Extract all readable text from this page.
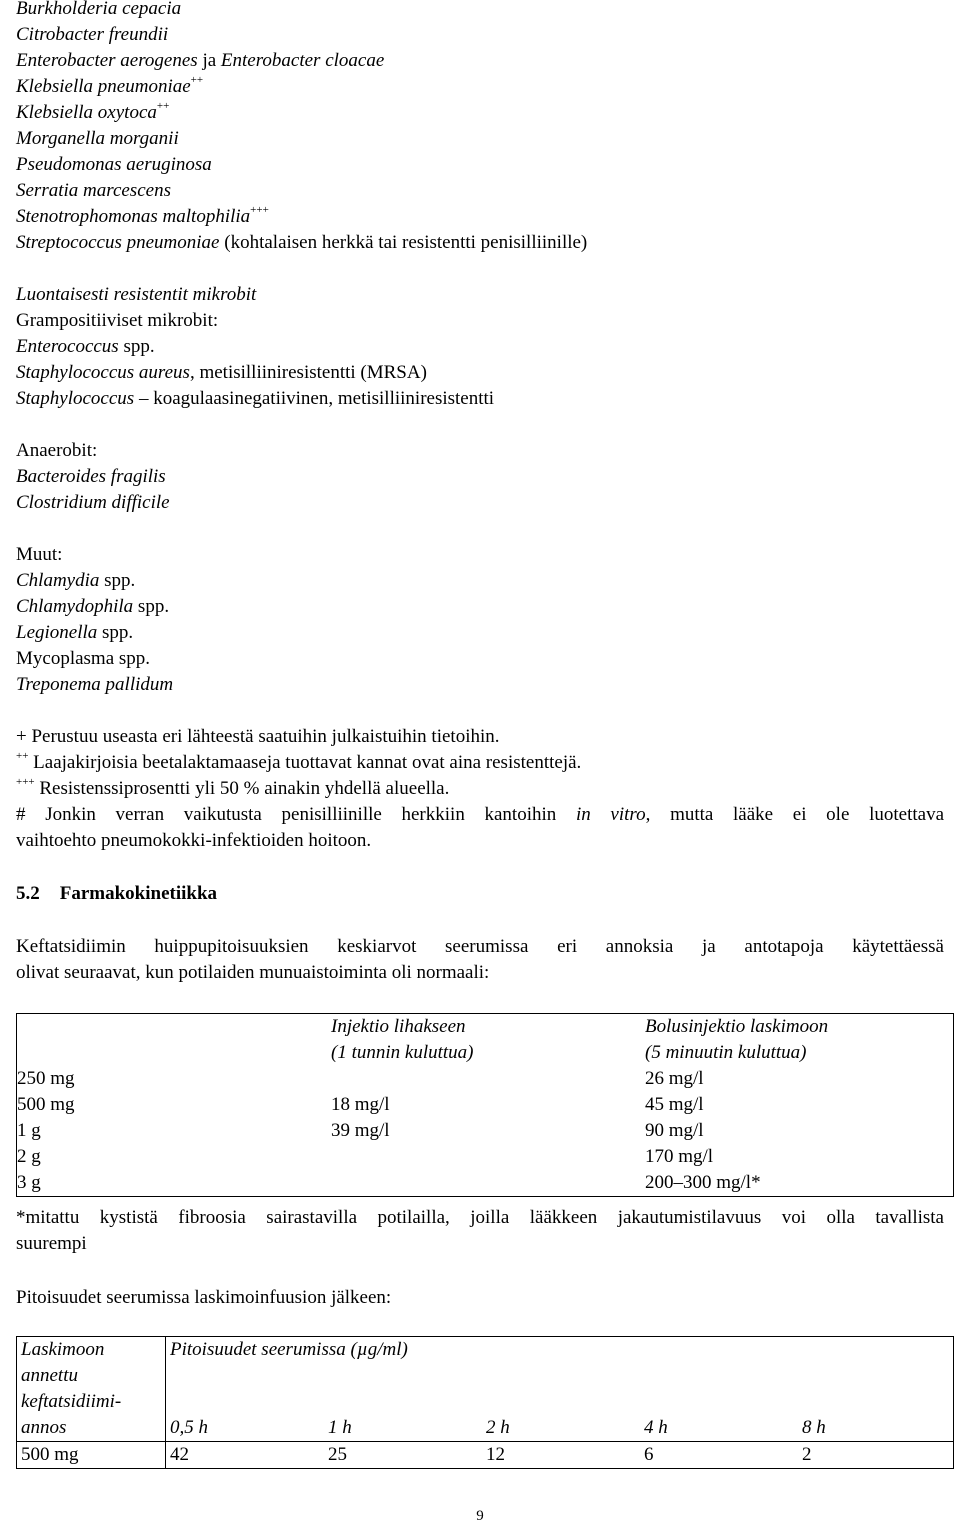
Burkholderia cepacia
Citrobacter freundii
Enterobacter aerogenes ja Enterobacter cloacae
Klebsiella pneumoniae++
Klebsiella oxytoca++
Morganella morganii
Pseudomonas aeruginosa
Serratia marcescens
Stenotrophomonas maltophilia+++
Streptococcus pneumoniae (kohtalaisen herkkä tai resistentti penisilliinille)
Luontaisesti resistentit mikrobit
Grampositiiviset mikrobit:
Enterococcus spp.
Staphylococcus aureus, metisilliiniresistentti (MRSA)
Staphylococcus – koagulaasinegatiivinen, metisilliiniresistentti
Anaerobit:
Bacteroides fragilis
Clostridium difficile
Muut:
Chlamydia spp.
Chlamydophila spp.
Legionella spp.
Mycoplasma spp.
Treponema pallidum
+ Perustuu useasta eri lähteestä saatuihin julkaistuihin tietoihin.
++ Laajakirjoisia beetalaktamaaseja tuottavat kannat ovat aina resistenttejä.
+++ Resistenssiprosentti yli 50 % ainakin yhdellä alueella.
# Jonkin verran vaikutusta penisilliinille herkkiin kantoihin in vitro, mutta lääke ei ole luotettava
vaihtoehto pneumokokki-infektioiden hoitoon.
5.2 Farmakokinetiikka
Keftatsidiimin huippupitoisuuksien keskiarvot seerumissa eri annoksia ja antotapoja käytettäessä
olivat seuraavat, kun potilaiden munuaistoiminta oli normaali:
	Injektio lihakseen
(1 tunnin kuluttua)	Bolusinjektio laskimoon
(5 minuutin kuluttua)
250 mg		26 mg/l
500 mg	18 mg/l	45 mg/l
1 g	39 mg/l	90 mg/l
2 g		170 mg/l
3 g		200–300 mg/l*
*mitattu kystistä fibroosia sairastavilla potilailla, joilla lääkkeen jakautumistilavuus voi olla tavallista
suurempi
Pitoisuudet seerumissa laskimoinfuusion jälkeen:
Laskimoon
annettu
keftatsidiimi-
annos	Pitoisuudet seerumissa (µg/ml)				
	0,5 h	1 h	2 h	4 h	8 h
500 mg	42	25	12	6	2
9
